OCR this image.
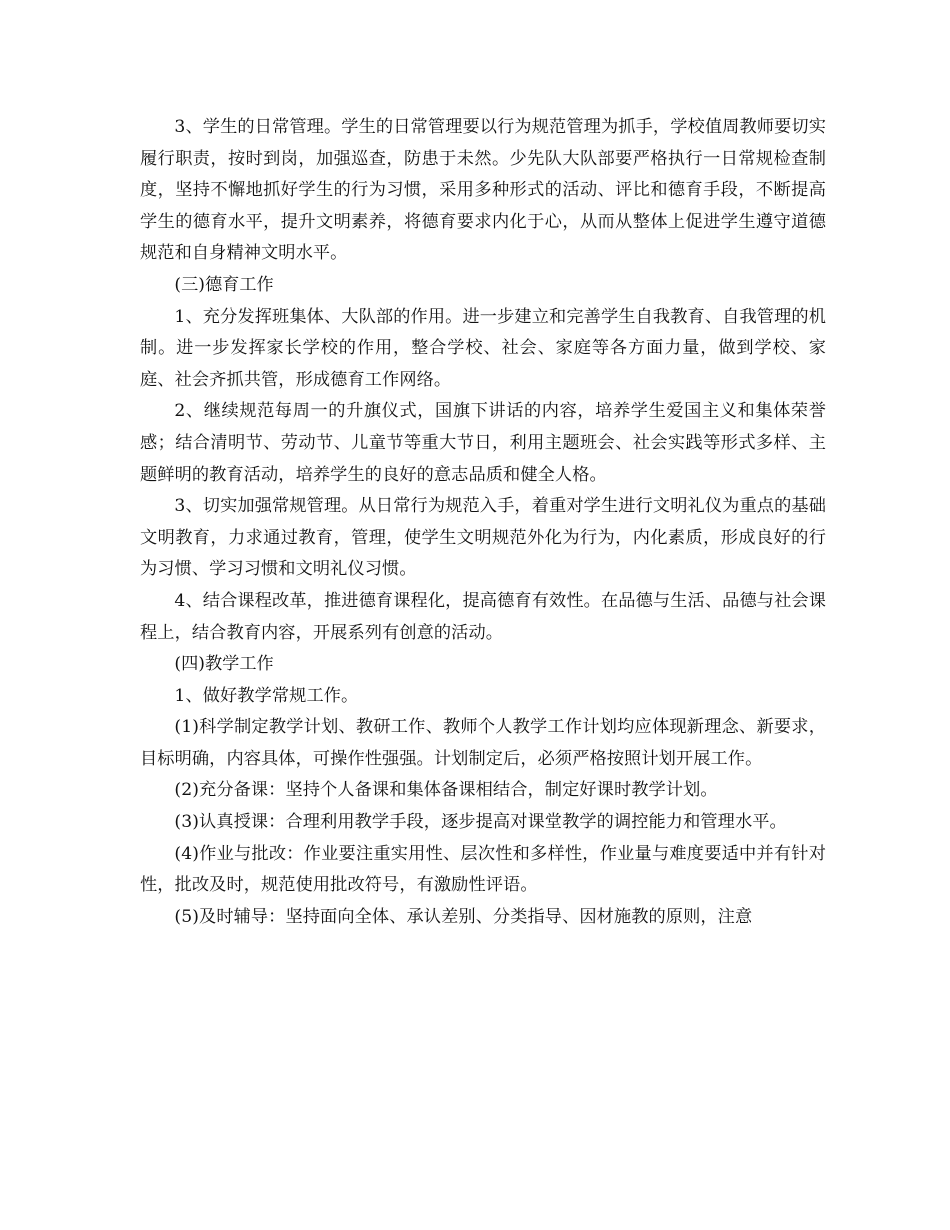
3、学生的日常管理。学生的日常管理要以行为规范管理为抓手，学校值周教师要切实履行职责，按时到岗，加强巡查，防患于未然。少先队大队部要严格执行一日常规检查制度，坚持不懈地抓好学生的行为习惯，采用多种形式的活动、评比和德育手段，不断提高学生的德育水平，提升文明素养，将德育要求内化于心，从而从整体上促进学生遵守道德规范和自身精神文明水平。

(三)德育工作

1、充分发挥班集体、大队部的作用。进一步建立和完善学生自我教育、自我管理的机制。进一步发挥家长学校的作用，整合学校、社会、家庭等各方面力量，做到学校、家庭、社会齐抓共管，形成德育工作网络。

2、继续规范每周一的升旗仪式，国旗下讲话的内容，培养学生爱国主义和集体荣誉感；结合清明节、劳动节、儿童节等重大节日，利用主题班会、社会实践等形式多样、主题鲜明的教育活动，培养学生的良好的意志品质和健全人格。

3、切实加强常规管理。从日常行为规范入手，着重对学生进行文明礼仪为重点的基础文明教育，力求通过教育，管理，使学生文明规范外化为行为，内化素质，形成良好的行为习惯、学习习惯和文明礼仪习惯。

4、结合课程改革，推进德育课程化，提高德育有效性。在品德与生活、品德与社会课程上，结合教育内容，开展系列有创意的活动。

(四)教学工作

1、做好教学常规工作。

(1)科学制定教学计划、教研工作、教师个人教学工作计划均应体现新理念、新要求，目标明确，内容具体，可操作性强强。计划制定后，必须严格按照计划开展工作。

(2)充分备课：坚持个人备课和集体备课相结合，制定好课时教学计划。

(3)认真授课：合理利用教学手段，逐步提高对课堂教学的调控能力和管理水平。

(4)作业与批改：作业要注重实用性、层次性和多样性，作业量与难度要适中并有针对性，批改及时，规范使用批改符号，有激励性评语。

(5)及时辅导：坚持面向全体、承认差别、分类指导、因材施教的原则，注意
